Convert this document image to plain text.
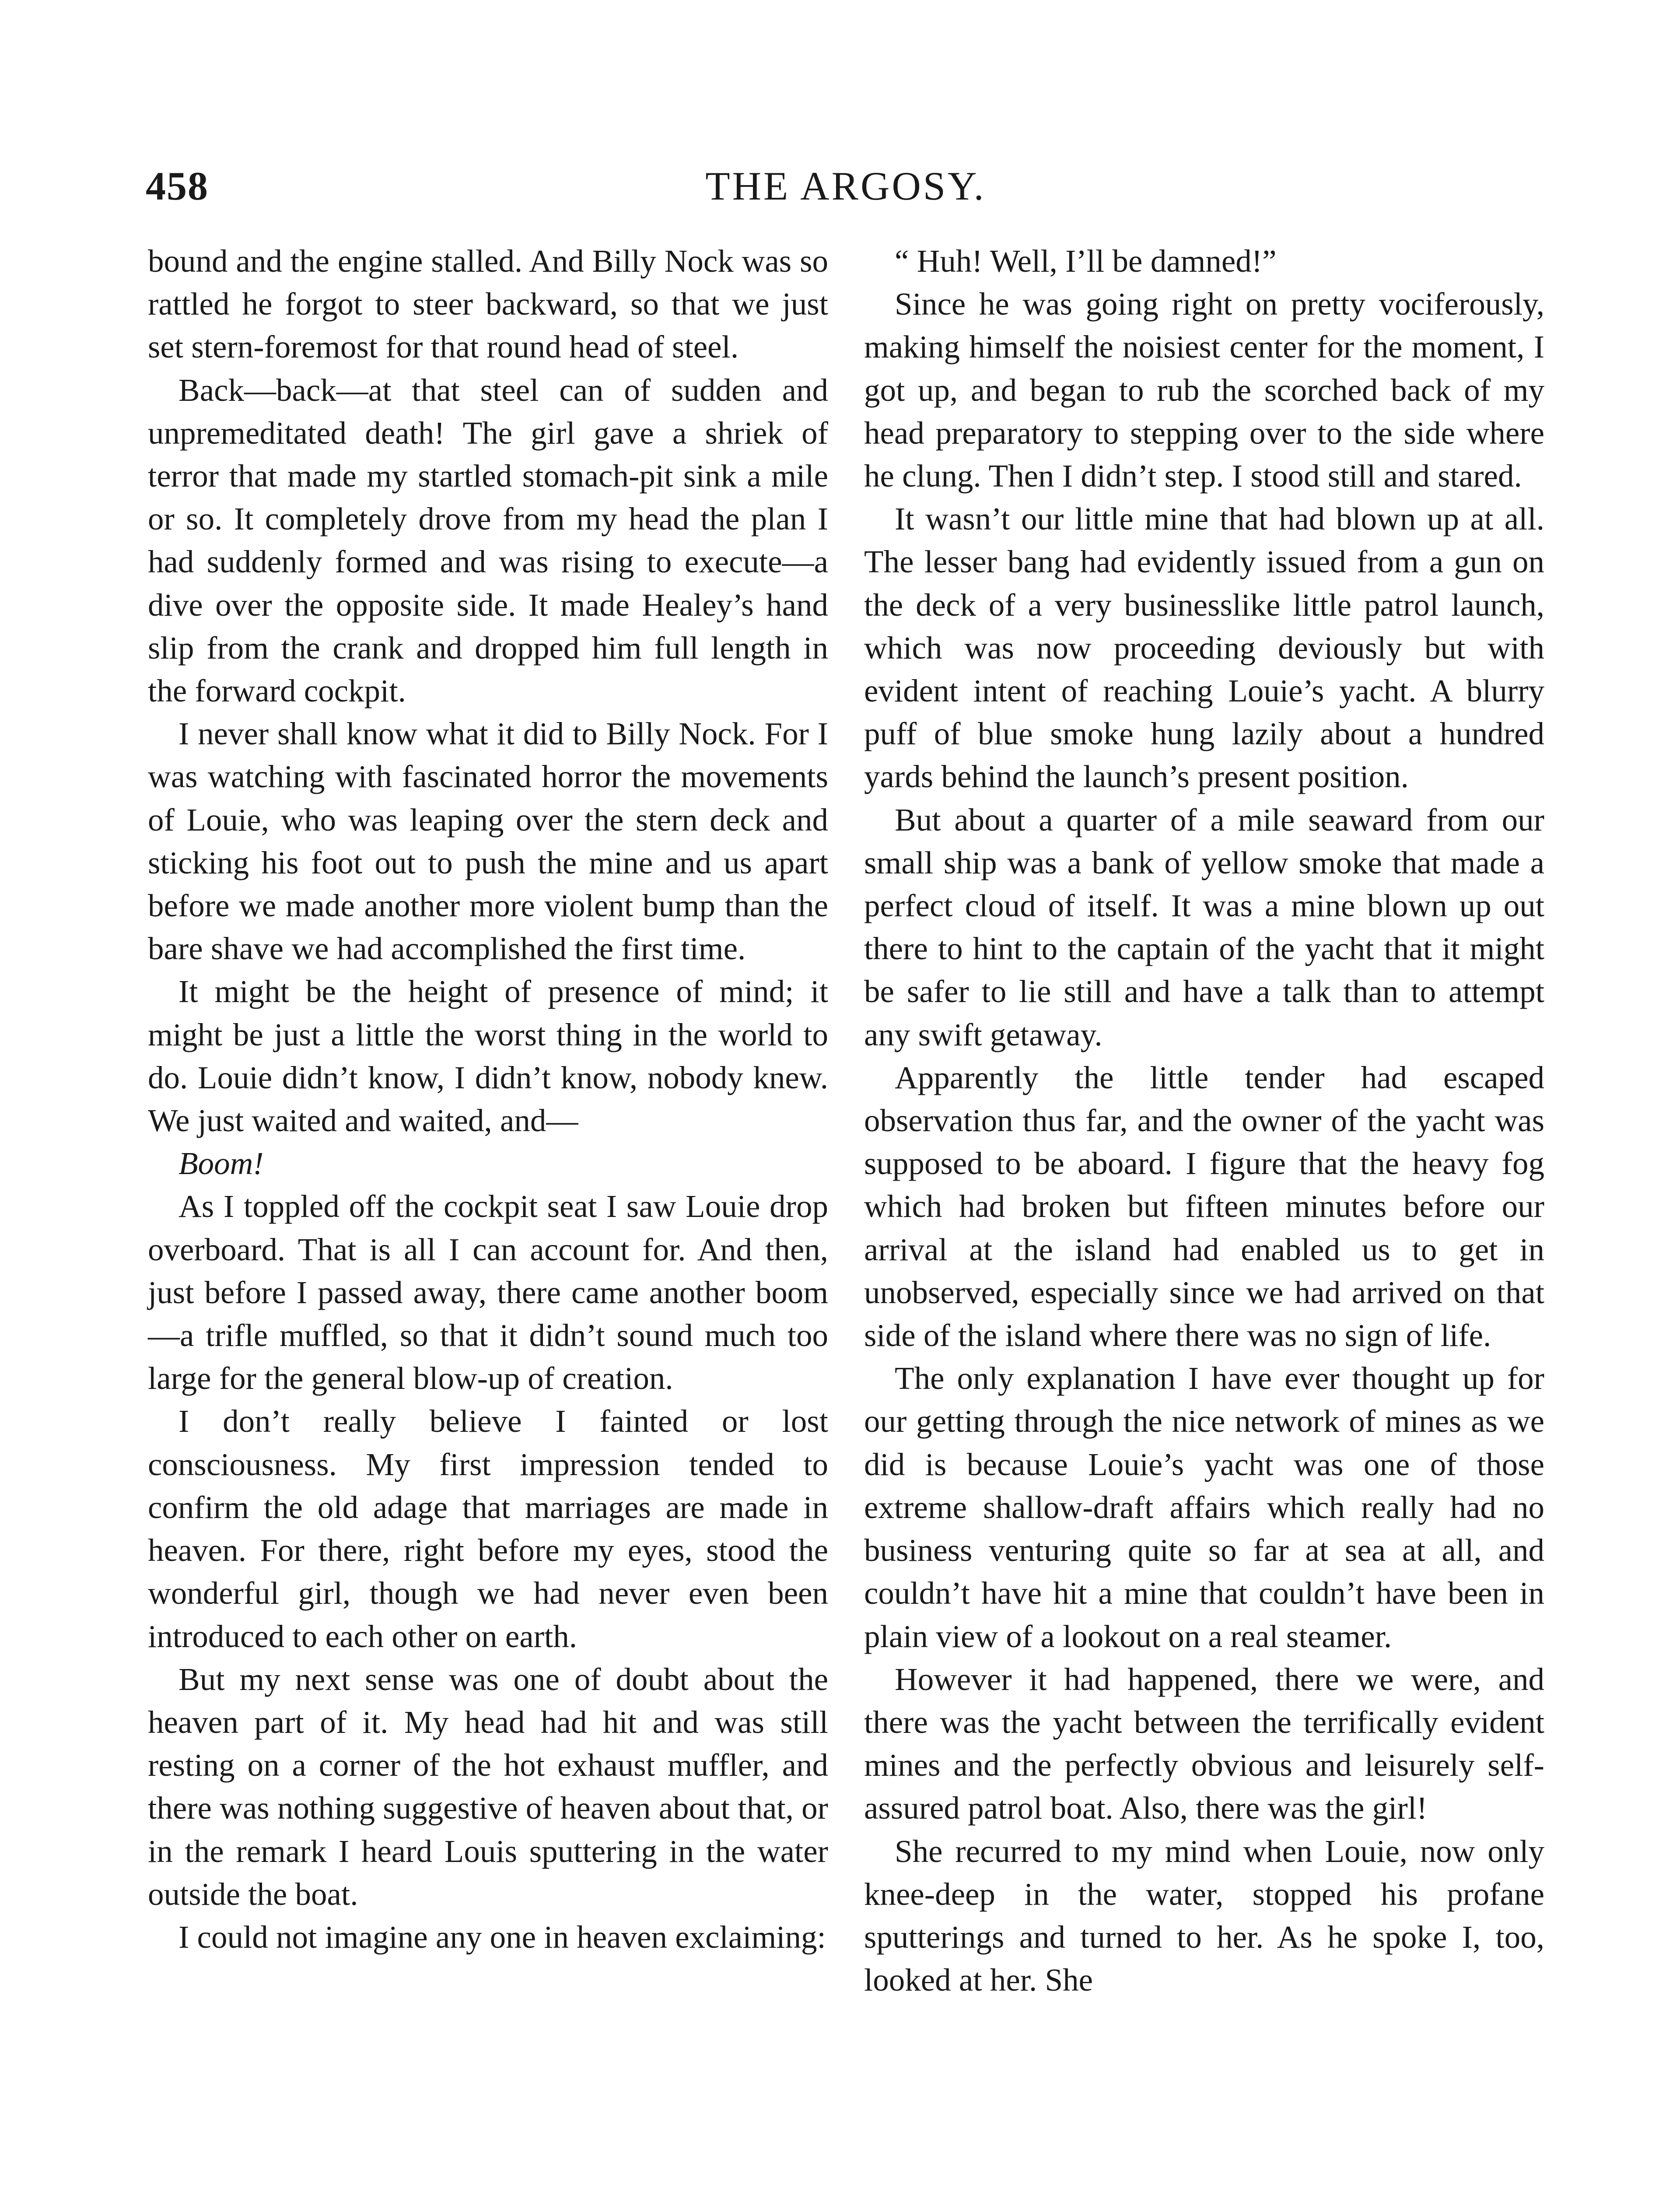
458	THE ARGOSY.

bound and the engine stalled. And Billy Nock was so rattled he forgot to steer backward, so that we just set stern-foremost for that round head of steel.

Back—back—at that steel can of sudden and unpremeditated death! The girl gave a shriek of terror that made my startled stomach-pit sink a mile or so. It completely drove from my head the plan I had suddenly formed and was rising to execute—a dive over the opposite side. It made Healey’s hand slip from the crank and dropped him full length in the forward cockpit.

I never shall know what it did to Billy Nock. For I was watching with fascinated horror the movements of Louie, who was leaping over the stern deck and sticking his foot out to push the mine and us apart before we made another more violent bump than the bare shave we had accomplished the first time.

It might be the height of presence of mind; it might be just a little the worst thing in the world to do. Louie didn’t know, I didn’t know, nobody knew. We just waited and waited, and—

Boom!

As I toppled off the cockpit seat I saw Louie drop overboard. That is all I can account for. And then, just before I passed away, there came another boom—a trifle muffled, so that it didn’t sound much too large for the general blow-up of creation.

I don’t really believe I fainted or lost consciousness. My first impression tended to confirm the old adage that marriages are made in heaven. For there, right before my eyes, stood the wonderful girl, though we had never even been introduced to each other on earth.

But my next sense was one of doubt about the heaven part of it. My head had hit and was still resting on a corner of the hot exhaust muffler, and there was nothing suggestive of heaven about that, or in the remark I heard Louis sputtering in the water outside the boat.

I could not imagine any one in heaven exclaiming:

“ Huh! Well, I’ll be damned!”

Since he was going right on pretty vociferously, making himself the noisiest center for the moment, I got up, and began to rub the scorched back of my head preparatory to stepping over to the side where he clung. Then I didn’t step. I stood still and stared.

It wasn’t our little mine that had blown up at all. The lesser bang had evidently issued from a gun on the deck of a very businesslike little patrol launch, which was now proceeding deviously but with evident intent of reaching Louie’s yacht. A blurry puff of blue smoke hung lazily about a hundred yards behind the launch’s present position.

But about a quarter of a mile seaward from our small ship was a bank of yellow smoke that made a perfect cloud of itself. It was a mine blown up out there to hint to the captain of the yacht that it might be safer to lie still and have a talk than to attempt any swift getaway.

Apparently the little tender had escaped observation thus far, and the owner of the yacht was supposed to be aboard. I figure that the heavy fog which had broken but fifteen minutes before our arrival at the island had enabled us to get in unobserved, especially since we had arrived on that side of the island where there was no sign of life.

The only explanation I have ever thought up for our getting through the nice network of mines as we did is because Louie’s yacht was one of those extreme shallow-draft affairs which really had no business venturing quite so far at sea at all, and couldn’t have hit a mine that couldn’t have been in plain view of a lookout on a real steamer.

However it had happened, there we were, and there was the yacht between the terrifically evident mines and the perfectly obvious and leisurely self-assured patrol boat. Also, there was the girl!

She recurred to my mind when Louie, now only knee-deep in the water, stopped his profane sputterings and turned to her. As he spoke I, too, looked at her. She
